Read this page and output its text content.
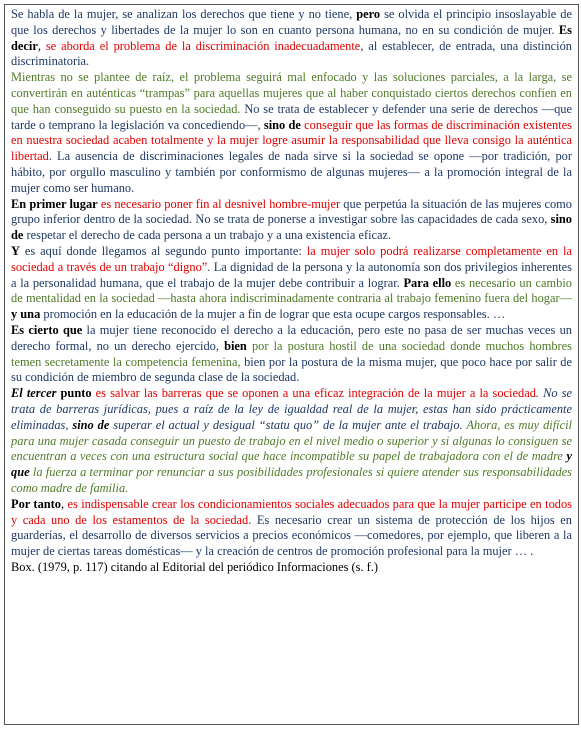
Se habla de la mujer, se analizan los derechos que tiene y no tiene, pero se olvida el principio insoslayable de que los derechos y libertades de la mujer lo son en cuanto persona humana, no en su condición de mujer. Es decir, se aborda el problema de la discriminación inadecuadamente, al establecer, de entrada, una distinción discriminatoria.

Mientras no se plantee de raíz, el problema seguirá mal enfocado y las soluciones parciales, a la larga, se convertirán en auténticas “trampas” para aquellas mujeres que al haber conquistado ciertos derechos confíen en que han conseguido su puesto en la sociedad. No se trata de establecer y defender una serie de derechos —que tarde o temprano la legislación va concediendo—, sino de conseguir que las formas de discriminación existentes en nuestra sociedad acaben totalmente y la mujer logre asumir la responsabilidad que lleva consigo la auténtica libertad. La ausencia de discriminaciones legales de nada sirve si la sociedad se opone —por tradición, por hábito, por orgullo masculino y también por conformismo de algunas mujeres— a la promoción integral de la mujer como ser humano.

En primer lugar es necesario poner fin al desnivel hombre-mujer que perpetúa la situación de las mujeres como grupo inferior dentro de la sociedad. No se trata de ponerse a investigar sobre las capacidades de cada sexo, sino de respetar el derecho de cada persona a un trabajo y a una existencia eficaz.

Y es aquí donde llegamos al segundo punto importante: la mujer solo podrá realizarse completamente en la sociedad a través de un trabajo “digno”. La dignidad de la persona y la autonomía son dos privilegios inherentes a la personalidad humana, que el trabajo de la mujer debe contribuir a lograr. Para ello es necesario un cambio de mentalidad en la sociedad —hasta ahora indiscriminadamente contraria al trabajo femenino fuera del hogar— y una promoción en la educación de la mujer a fin de lograr que esta ocupe cargos responsables. …

Es cierto que la mujer tiene reconocido el derecho a la educación, pero este no pasa de ser muchas veces un derecho formal, no un derecho ejercido, bien por la postura hostil de una sociedad donde muchos hombres temen secretamente la competencia femenina, bien por la postura de la misma mujer, que poco hace por salir de su condición de miembro de segunda clase de la sociedad.

El tercer punto es salvar las barreras que se oponen a una eficaz integración de la mujer a la sociedad. No se trata de barreras jurídicas, pues a raíz de la ley de igualdad real de la mujer, estas han sido prácticamente eliminadas, sino de superar el actual y desigual “statu quo” de la mujer ante el trabajo. Ahora, es muy difícil para una mujer casada conseguir un puesto de trabajo en el nivel medio o superior y si algunas lo consiguen se encuentran a veces con una estructura social que hace incompatible su papel de trabajadora con el de madre y que la fuerza a terminar por renunciar a sus posibilidades profesionales si quiere atender sus responsabilidades como madre de familia.

Por tanto, es indispensable crear los condicionamientos sociales adecuados para que la mujer participe en todos y cada uno de los estamentos de la sociedad. Es necesario crear un sistema de protección de los hijos en guarderías, el desarrollo de diversos servicios a precios económicos —comedores, por ejemplo, que liberen a la mujer de ciertas tareas domésticas— y la creación de centros de promoción profesional para la mujer … .

Box. (1979, p. 117) citando al Editorial del periódico Informaciones (s. f.)
